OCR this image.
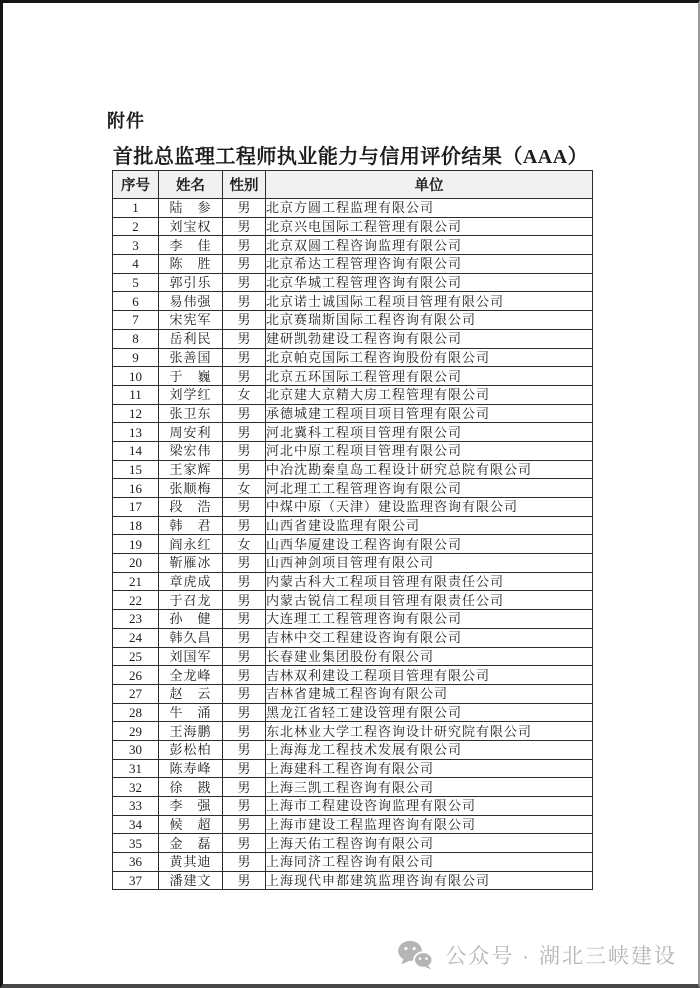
附件
首批总监理工程师执业能力与信用评价结果（AAA）
序号	姓名	性别	单位
1	陆　参	男	北京方圆工程监理有限公司
2	刘宝权	男	北京兴电国际工程管理有限公司
3	李　佳	男	北京双圆工程咨询监理有限公司
4	陈　胜	男	北京希达工程管理咨询有限公司
5	郭引乐	男	北京华城工程管理咨询有限公司
6	易伟强	男	北京诺士诚国际工程项目管理有限公司
7	宋宪军	男	北京赛瑞斯国际工程咨询有限公司
8	岳利民	男	建研凯勃建设工程咨询有限公司
9	张善国	男	北京帕克国际工程咨询股份有限公司
10	于　巍	男	北京五环国际工程管理有限公司
11	刘学红	女	北京建大京精大房工程管理有限公司
12	张卫东	男	承德城建工程项目项目管理有限公司
13	周安利	男	河北冀科工程项目管理有限公司
14	梁宏伟	男	河北中原工程项目管理有限公司
15	王家辉	男	中冶沈勘秦皇岛工程设计研究总院有限公司
16	张顺梅	女	河北理工工程管理咨询有限公司
17	段　浩	男	中煤中原（天津）建设监理咨询有限公司
18	韩　君	男	山西省建设监理有限公司
19	阎永红	女	山西华厦建设工程咨询有限公司
20	靳雁冰	男	山西神剑项目管理有限公司
21	章虎成	男	内蒙古科大工程项目管理有限责任公司
22	于召龙	男	内蒙古锐信工程项目管理有限责任公司
23	孙　健	男	大连理工工程管理咨询有限公司
24	韩久昌	男	吉林中交工程建设咨询有限公司
25	刘国军	男	长春建业集团股份有限公司
26	全龙峰	男	吉林双利建设工程项目管理有限公司
27	赵　云	男	吉林省建城工程咨询有限公司
28	牛　涌	男	黑龙江省轻工建设管理有限公司
29	王海鹏	男	东北林业大学工程咨询设计研究院有限公司
30	彭松柏	男	上海海龙工程技术发展有限公司
31	陈寿峰	男	上海建科工程咨询有限公司
32	徐　戡	男	上海三凯工程咨询有限公司
33	李　强	男	上海市工程建设咨询监理有限公司
34	候　超	男	上海市建设工程监理咨询有限公司
35	金　磊	男	上海天佑工程咨询有限公司
36	黄其迪	男	上海同济工程咨询有限公司
37	潘建文	男	上海现代申都建筑监理咨询有限公司
公众号 · 湖北三峡建设
